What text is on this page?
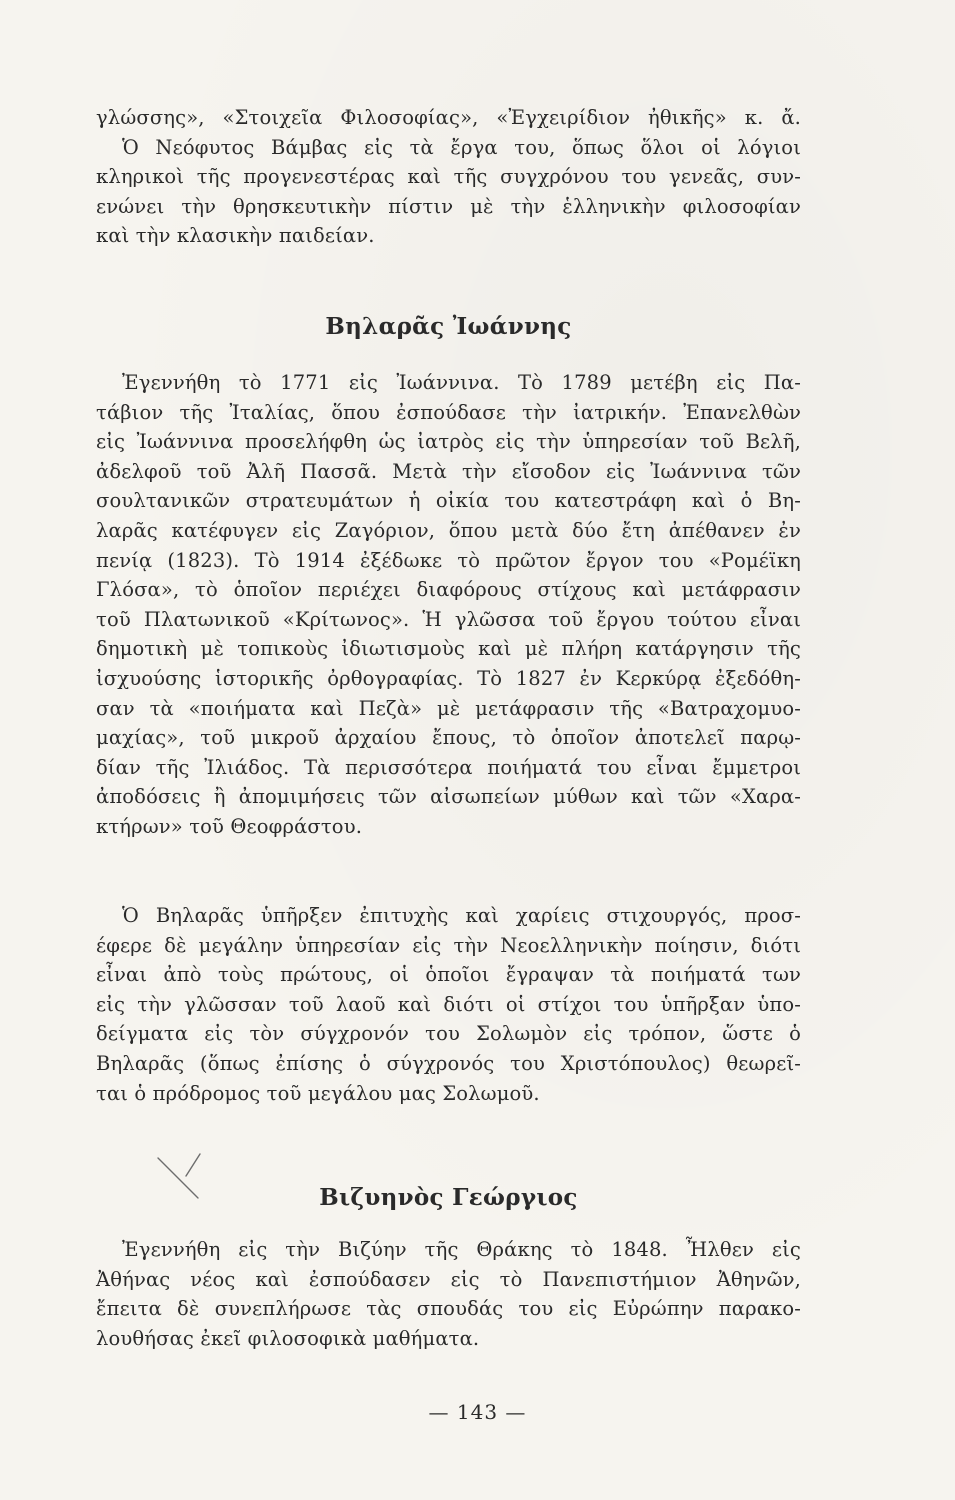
γλώσσης», «Στοιχεῖα Φιλοσοφίας», «Ἐγχειρίδιον ἠθικῆς» κ. ἄ.
Ὁ Νεόφυτος Βάμβας εἰς τὰ ἔργα του, ὅπως ὅλοι οἱ λόγιοι
κληρικοὶ τῆς προγενεστέρας καὶ τῆς συγχρόνου του γενεᾶς, συν-
ενώνει τὴν θρησκευτικὴν πίστιν μὲ τὴν ἑλληνικὴν φιλοσοφίαν
καὶ τὴν κλασικὴν παιδείαν.
Βηλαρᾶς Ἰωάννης
Ἐγεννήθη τὸ 1771 εἰς Ἰωάννινα. Τὸ 1789 μετέβη εἰς Πα-
τάβιον τῆς Ἰταλίας, ὅπου ἐσπούδασε τὴν ἰατρικήν. Ἐπανελθὼν
εἰς Ἰωάννινα προσελήφθη ὡς ἰατρὸς εἰς τὴν ὑπηρεσίαν τοῦ Βελῆ,
ἀδελφοῦ τοῦ Ἀλῆ Πασσᾶ. Μετὰ τὴν εἴσοδον εἰς Ἰωάννινα τῶν
σουλτανικῶν στρατευμάτων ἡ οἰκία του κατεστράφη καὶ ὁ Βη-
λαρᾶς κατέφυγεν εἰς Ζαγόριον, ὅπου μετὰ δύο ἔτη ἀπέθανεν ἐν
πενίᾳ (1823). Τὸ 1914 ἐξέδωκε τὸ πρῶτον ἔργον του «Ρομέϊκη
Γλόσα», τὸ ὁποῖον περιέχει διαφόρους στίχους καὶ μετάφρασιν
τοῦ Πλατωνικοῦ «Κρίτωνος». Ἡ γλῶσσα τοῦ ἔργου τούτου εἶναι
δημοτικὴ μὲ τοπικοὺς ἰδιωτισμοὺς καὶ μὲ πλήρη κατάργησιν τῆς
ἰσχυούσης ἱστορικῆς ὀρθογραφίας. Τὸ 1827 ἐν Κερκύρᾳ ἐξεδόθη-
σαν τὰ «ποιήματα καὶ Πεζὰ» μὲ μετάφρασιν τῆς «Βατραχομυο-
μαχίας», τοῦ μικροῦ ἀρχαίου ἔπους, τὸ ὁποῖον ἀποτελεῖ παρῳ-
δίαν τῆς Ἰλιάδος. Τὰ περισσότερα ποιήματά του εἶναι ἔμμετροι
ἀποδόσεις ἢ ἀπομιμήσεις τῶν αἰσωπείων μύθων καὶ τῶν «Χαρα-
κτήρων» τοῦ Θεοφράστου.
Ὁ Βηλαρᾶς ὑπῆρξεν ἐπιτυχὴς καὶ χαρίεις στιχουργός, προσ-
έφερε δὲ μεγάλην ὑπηρεσίαν εἰς τὴν Νεοελληνικὴν ποίησιν, διότι
εἶναι ἀπὸ τοὺς πρώτους, οἱ ὁποῖοι ἔγραψαν τὰ ποιήματά των
εἰς τὴν γλῶσσαν τοῦ λαοῦ καὶ διότι οἱ στίχοι του ὑπῆρξαν ὑπο-
δείγματα εἰς τὸν σύγχρονόν του Σολωμὸν εἰς τρόπον, ὥστε ὁ
Βηλαρᾶς (ὅπως ἐπίσης ὁ σύγχρονός του Χριστόπουλος) θεωρεῖ-
ται ὁ πρόδρομος τοῦ μεγάλου μας Σολωμοῦ.
Βιζυηνὸς Γεώργιος
Ἐγεννήθη εἰς τὴν Βιζύην τῆς Θράκης τὸ 1848. Ἦλθεν εἰς
Ἀθήνας νέος καὶ ἐσπούδασεν εἰς τὸ Πανεπιστήμιον Ἀθηνῶν,
ἔπειτα δὲ συνεπλήρωσε τὰς σπουδάς του εἰς Εὐρώπην παρακο-
λουθήσας ἐκεῖ φιλοσοφικὰ μαθήματα.
— 143 —
